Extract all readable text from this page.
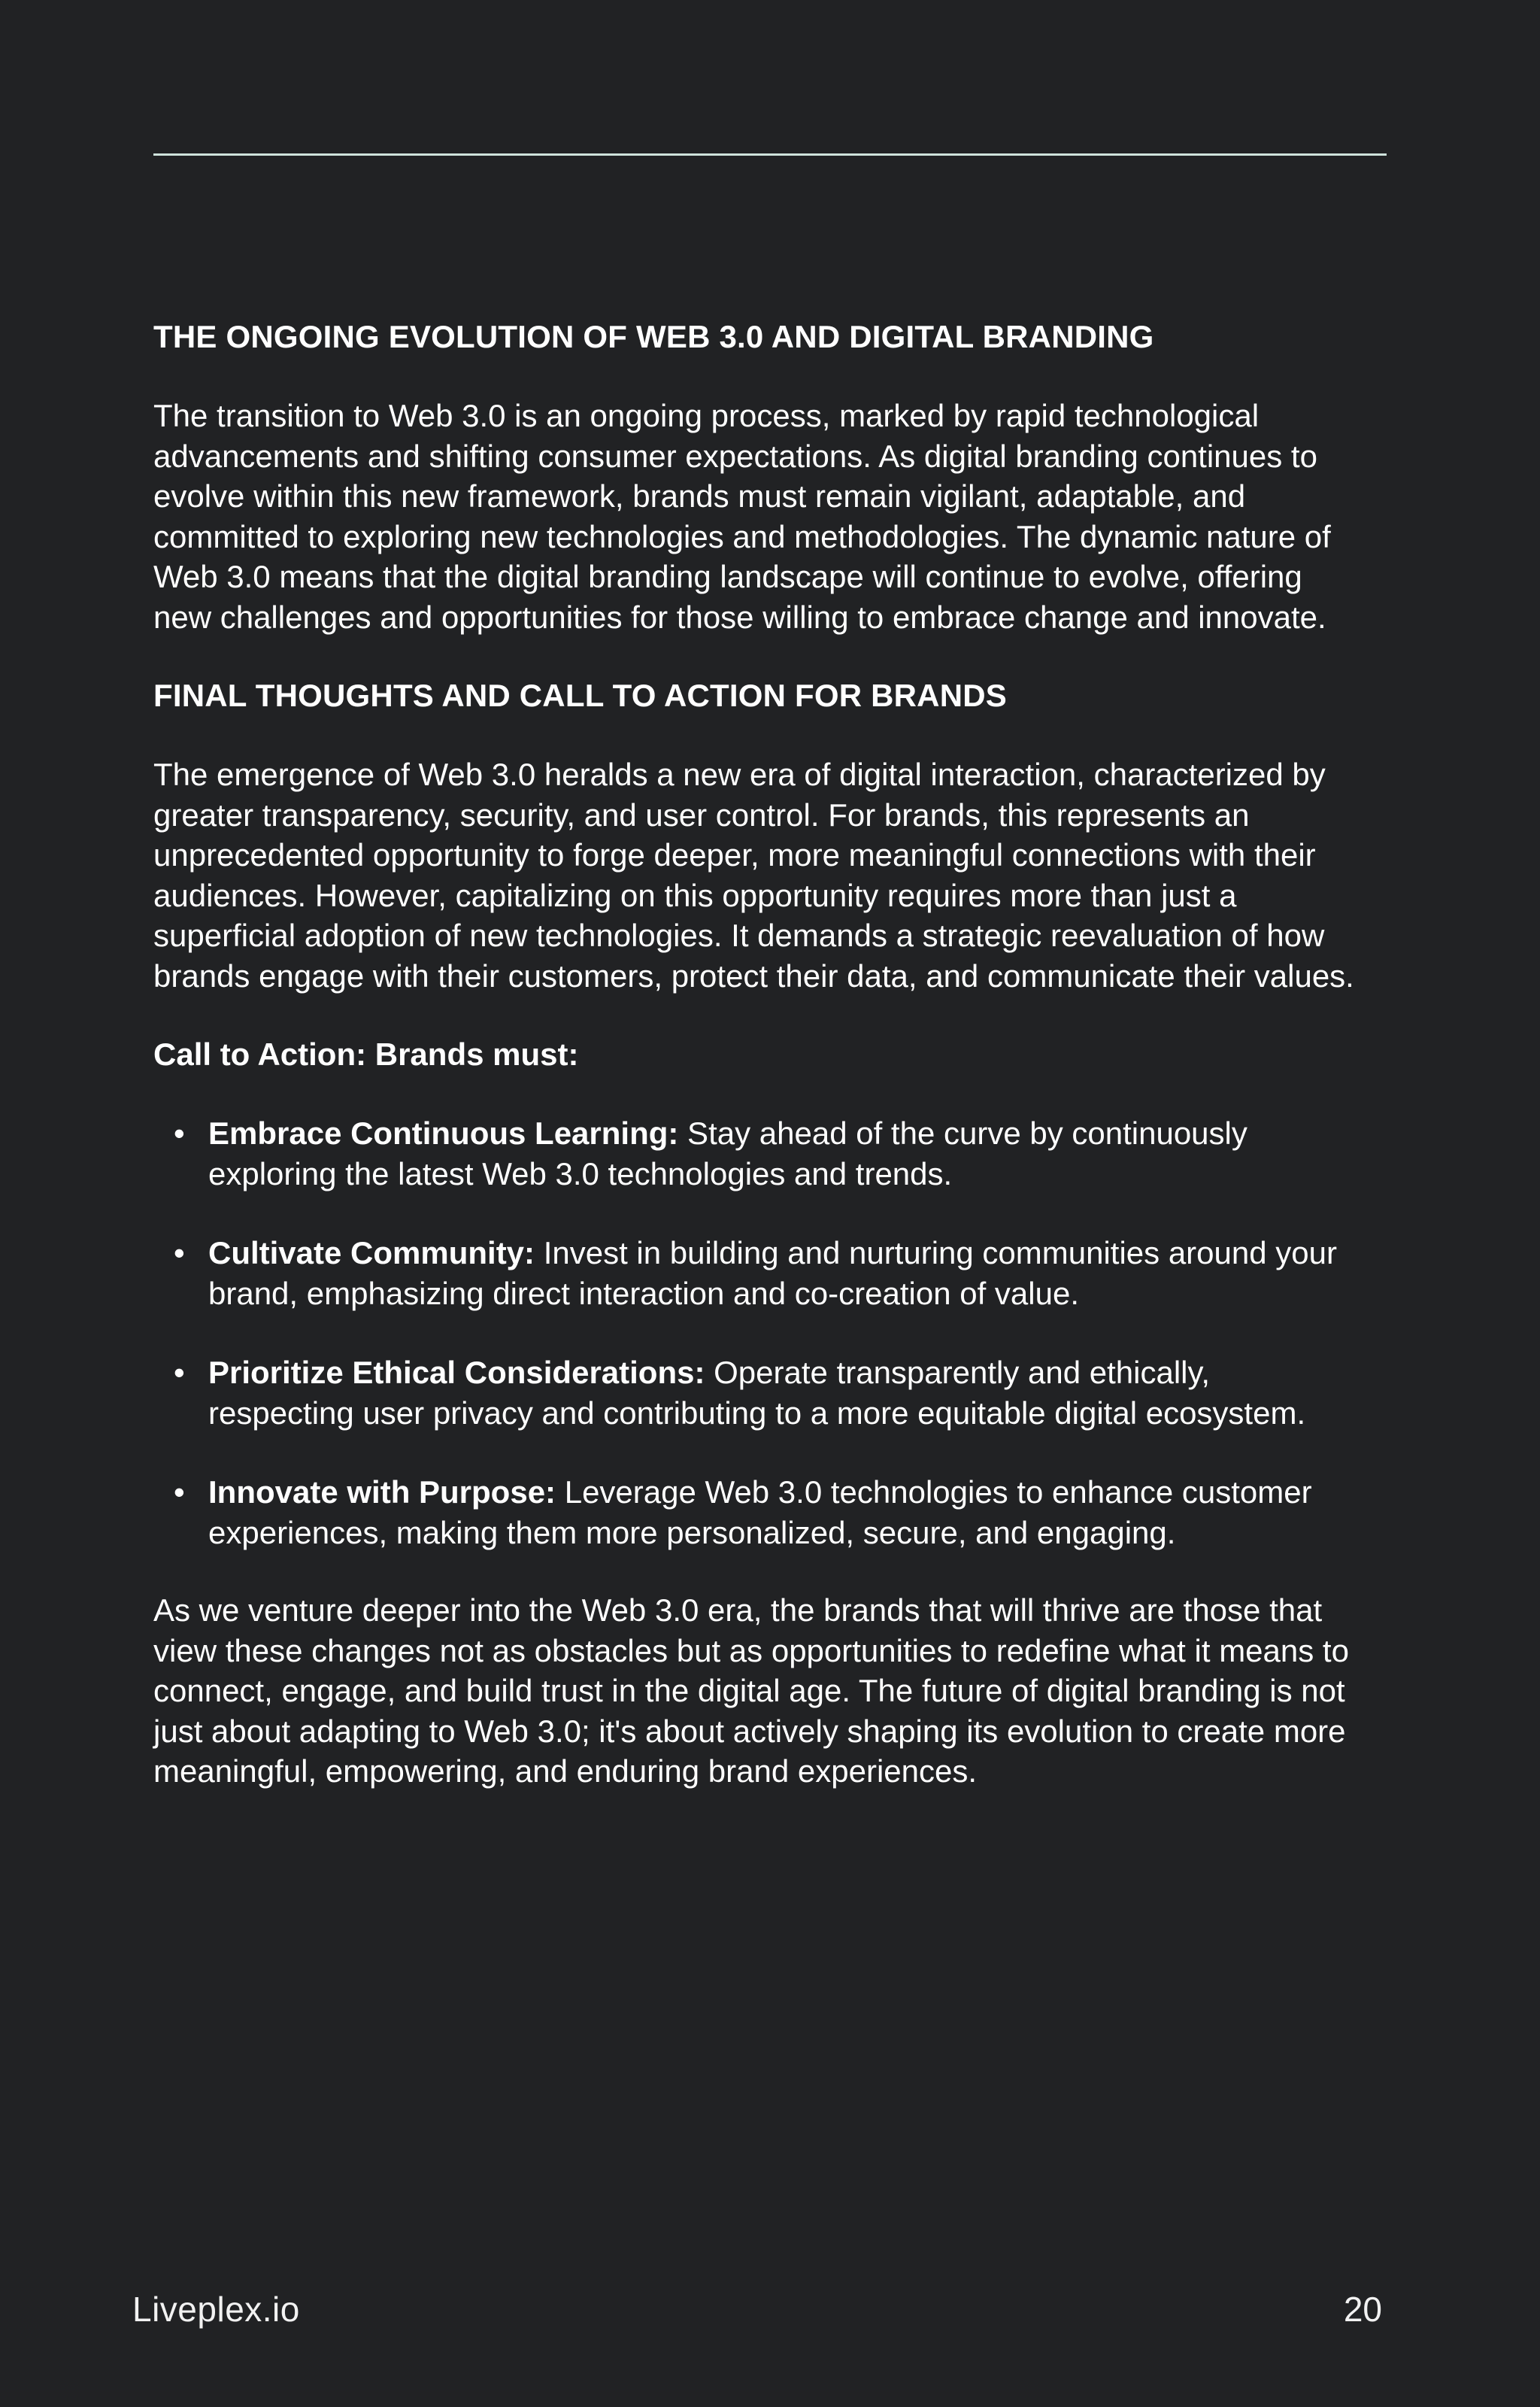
THE ONGOING EVOLUTION OF WEB 3.0 AND DIGITAL BRANDING

The transition to Web 3.0 is an ongoing process, marked by rapid technological advancements and shifting consumer expectations. As digital branding continues to evolve within this new framework, brands must remain vigilant, adaptable, and committed to exploring new technologies and methodologies. The dynamic nature of Web 3.0 means that the digital branding landscape will continue to evolve, offering new challenges and opportunities for those willing to embrace change and innovate.

FINAL THOUGHTS AND CALL TO ACTION FOR BRANDS

The emergence of Web 3.0 heralds a new era of digital interaction, characterized by greater transparency, security, and user control. For brands, this represents an unprecedented opportunity to forge deeper, more meaningful connections with their audiences. However, capitalizing on this opportunity requires more than just a superficial adoption of new technologies. It demands a strategic reevaluation of how brands engage with their customers, protect their data, and communicate their values.

Call to Action: Brands must:

• Embrace Continuous Learning: Stay ahead of the curve by continuously exploring the latest Web 3.0 technologies and trends.
• Cultivate Community: Invest in building and nurturing communities around your brand, emphasizing direct interaction and co-creation of value.
• Prioritize Ethical Considerations: Operate transparently and ethically, respecting user privacy and contributing to a more equitable digital ecosystem.
• Innovate with Purpose: Leverage Web 3.0 technologies to enhance customer experiences, making them more personalized, secure, and engaging.

As we venture deeper into the Web 3.0 era, the brands that will thrive are those that view these changes not as obstacles but as opportunities to redefine what it means to connect, engage, and build trust in the digital age. The future of digital branding is not just about adapting to Web 3.0; it's about actively shaping its evolution to create more meaningful, empowering, and enduring brand experiences.

Liveplex.io	20
